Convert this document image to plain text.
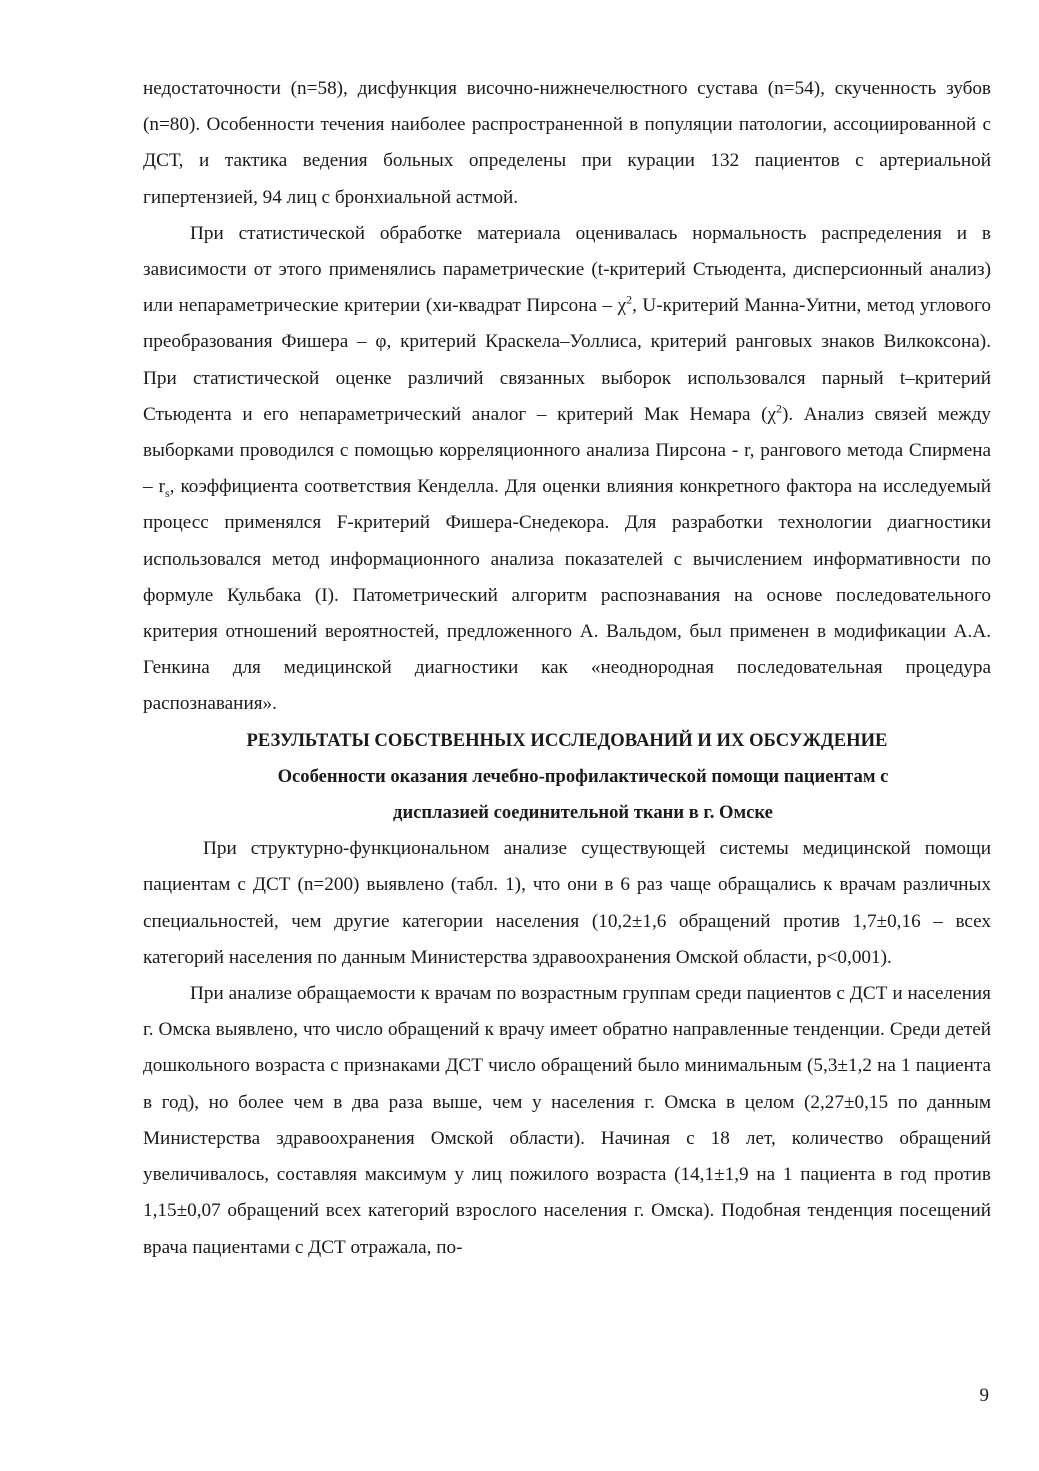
недостаточности (n=58), дисфункция височно-нижнечелюстного сустава (n=54), скученность зубов (n=80). Особенности течения наиболее распространенной в популяции патологии, ассоциированной с ДСТ, и тактика ведения больных определены при курации 132 пациентов с артериальной гипертензией, 94 лиц с бронхиальной астмой.

При статистической обработке материала оценивалась нормальность распределения и в зависимости от этого применялись параметрические (t-критерий Стьюдента, дисперсионный анализ) или непараметрические критерии (хи-квадрат Пирсона – $\chi^2$, U-критерий Манна-Уитни, метод углового преобразования Фишера – φ, критерий Краскела–Уоллиса, критерий ранговых знаков Вилкоксона). При статистической оценке различий связанных выборок использовался парный t–критерий Стьюдента и его непараметрический аналог – критерий Мак Немара $(\chi^2)$. Анализ связей между выборками проводился с помощью корреляционного анализа Пирсона - r, рангового метода Спирмена – $r_s$, коэффициента соответствия Кенделла. Для оценки влияния конкретного фактора на исследуемый процесс применялся F-критерий Фишера-Снедекора. Для разработки технологии диагностики использовался метод информационного анализа показателей с вычислением информативности по формуле Кульбака (I). Патометрический алгоритм распознавания на основе последовательного критерия отношений вероятностей, предложенного А. Вальдом, был применен в модификации А.А. Генкина для медицинской диагностики как «неоднородная последовательная процедура распознавания».

РЕЗУЛЬТАТЫ СОБСТВЕННЫХ ИССЛЕДОВАНИЙ И ИХ ОБСУЖДЕНИЕ

Особенности оказания лечебно-профилактической помощи пациентам с

дисплазией соединительной ткани в г. Омске

При структурно-функциональном анализе существующей системы медицинской помощи пациентам с ДСТ (n=200) выявлено (табл. 1), что они в 6 раз чаще обращались к врачам различных специальностей, чем другие категории населения (10,2±1,6 обращений против 1,7±0,16 – всех категорий населения по данным Министерства здравоохранения Омской области, p<0,001).

При анализе обращаемости к врачам по возрастным группам среди пациентов с ДСТ и населения г. Омска выявлено, что число обращений к врачу имеет обратно направленные тенденции. Среди детей дошкольного возраста с признаками ДСТ число обращений было минимальным (5,3±1,2 на 1 пациента в год), но более чем в два раза выше, чем у населения г. Омска в целом (2,27±0,15 по данным Министерства здравоохранения Омской области). Начиная с 18 лет, количество обращений увеличивалось, составляя максимум у лиц пожилого возраста (14,1±1,9 на 1 пациента в год против 1,15±0,07 обращений всех категорий взрослого населения г. Омска). Подобная тенденция посещений врача пациентами с ДСТ отражала, по-

9
